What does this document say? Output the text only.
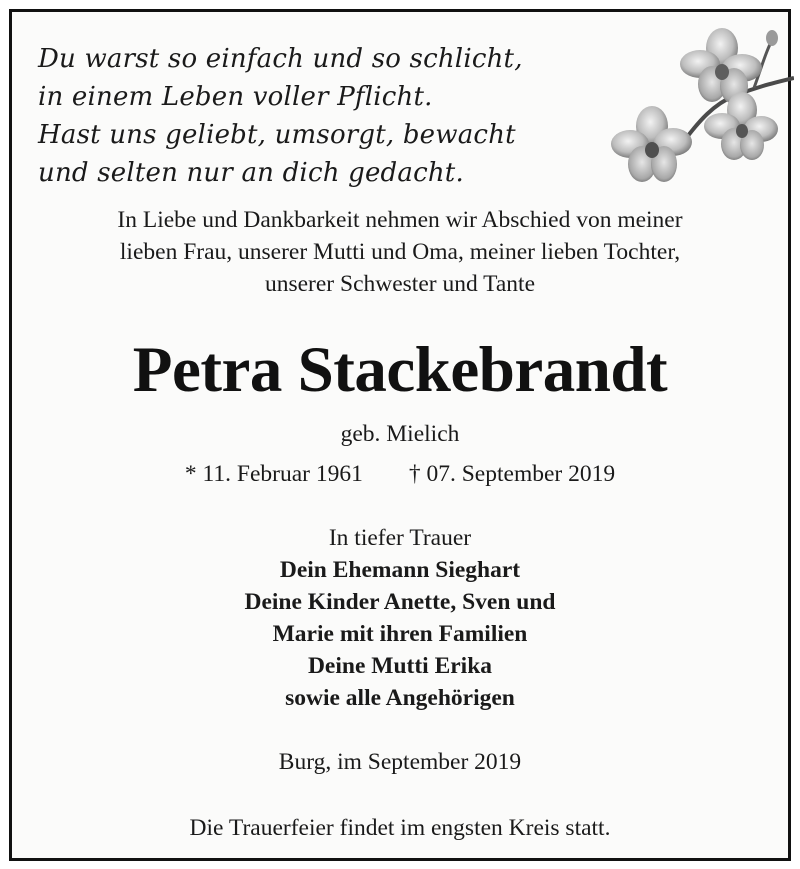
Du warst so einfach und so schlicht,
in einem Leben voller Pflicht.
Hast uns geliebt, umsorgt, bewacht
und selten nur an dich gedacht.
In Liebe und Dankbarkeit nehmen wir Abschied von meiner
lieben Frau, unserer Mutti und Oma, meiner lieben Tochter,
unserer Schwester und Tante
Petra Stackebrandt
geb. Mielich
* 11. Februar 1961 † 07. September 2019
In tiefer Trauer
Dein Ehemann Sieghart
Deine Kinder Anette, Sven und
Marie mit ihren Familien
Deine Mutti Erika
sowie alle Angehörigen
Burg, im September 2019
Die Trauerfeier findet im engsten Kreis statt.
